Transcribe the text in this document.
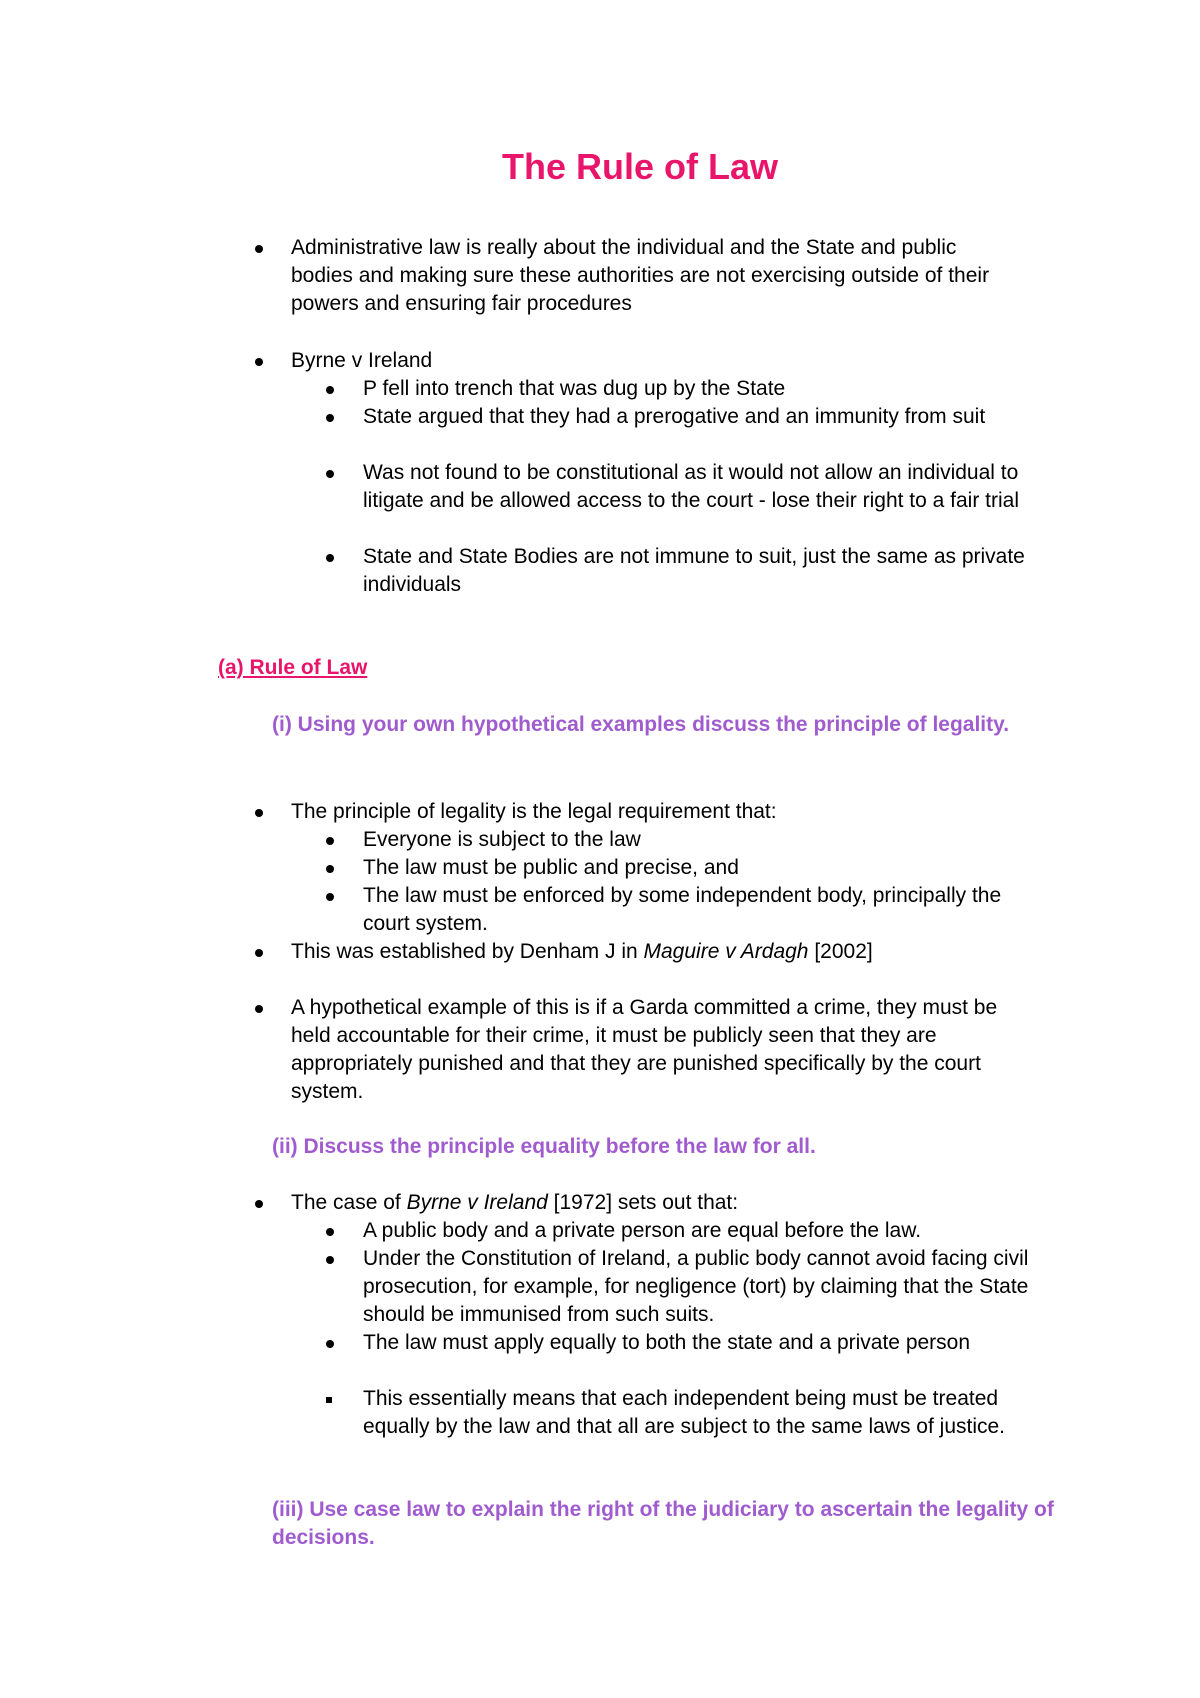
The Rule of Law
Administrative law is really about the individual and the State and public bodies and making sure these authorities are not exercising outside of their powers and ensuring fair procedures
Byrne v Ireland
P fell into trench that was dug up by the State
State argued that they had a prerogative and an immunity from suit
Was not found to be constitutional as it would not allow an individual to litigate and be allowed access to the court - lose their right to a fair trial
State and State Bodies are not immune to suit, just the same as private individuals
(a) Rule of Law
(i) Using your own hypothetical examples discuss the principle of legality.
The principle of legality is the legal requirement that:
Everyone is subject to the law
The law must be public and precise, and
The law must be enforced by some independent body, principally the court system.
This was established by Denham J in Maguire v Ardagh [2002]
A hypothetical example of this is if a Garda committed a crime, they must be held accountable for their crime, it must be publicly seen that they are appropriately punished and that they are punished specifically by the court system.
(ii) Discuss the principle equality before the law for all.
The case of Byrne v Ireland [1972] sets out that:
A public body and a private person are equal before the law.
Under the Constitution of Ireland, a public body cannot avoid facing civil prosecution, for example, for negligence (tort) by claiming that the State should be immunised from such suits.
The law must apply equally to both the state and a private person
This essentially means that each independent being must be treated equally by the law and that all are subject to the same laws of justice.
(iii) Use case law to explain the right of the judiciary to ascertain the legality of decisions.
